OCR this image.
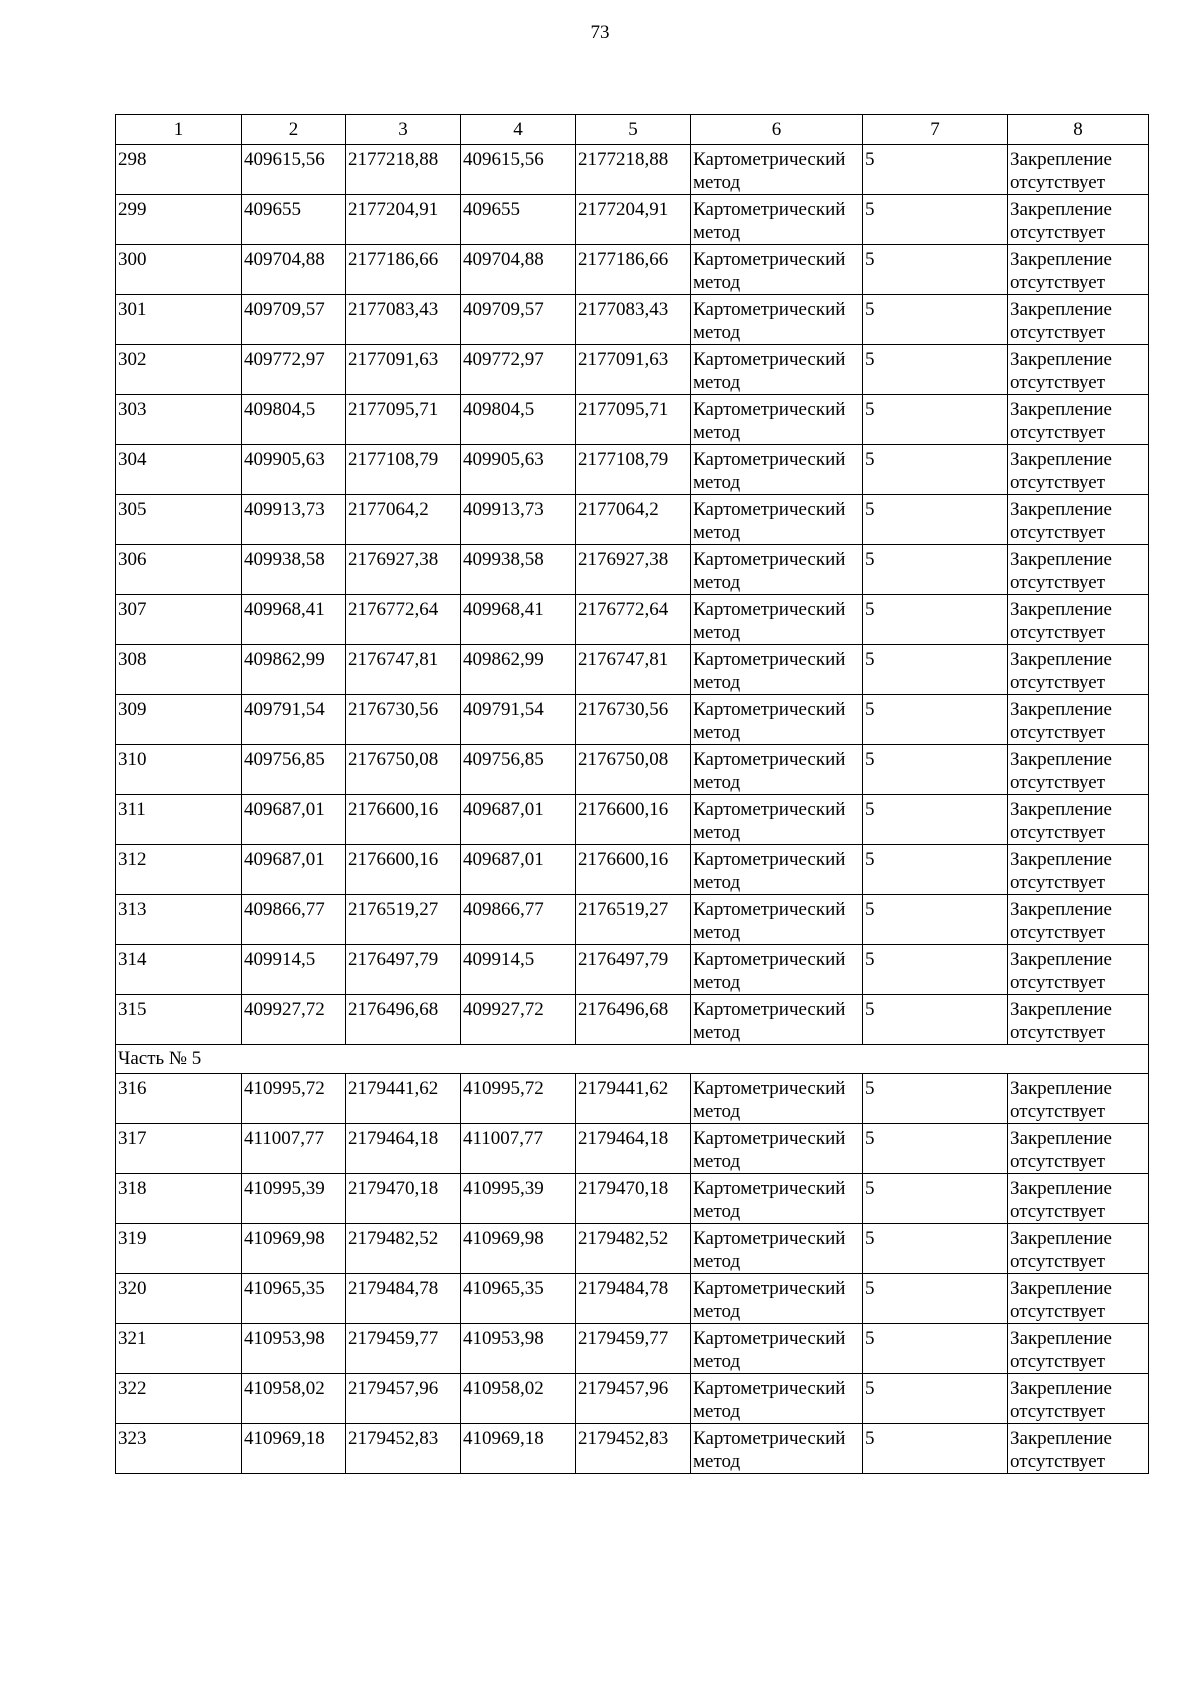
73
1	2	3	4	5	6	7	8
298	409615,56	2177218,88	409615,56	2177218,88	Картометрический метод	5	Закрепление отсутствует
299	409655	2177204,91	409655	2177204,91	Картометрический метод	5	Закрепление отсутствует
300	409704,88	2177186,66	409704,88	2177186,66	Картометрический метод	5	Закрепление отсутствует
301	409709,57	2177083,43	409709,57	2177083,43	Картометрический метод	5	Закрепление отсутствует
302	409772,97	2177091,63	409772,97	2177091,63	Картометрический метод	5	Закрепление отсутствует
303	409804,5	2177095,71	409804,5	2177095,71	Картометрический метод	5	Закрепление отсутствует
304	409905,63	2177108,79	409905,63	2177108,79	Картометрический метод	5	Закрепление отсутствует
305	409913,73	2177064,2	409913,73	2177064,2	Картометрический метод	5	Закрепление отсутствует
306	409938,58	2176927,38	409938,58	2176927,38	Картометрический метод	5	Закрепление отсутствует
307	409968,41	2176772,64	409968,41	2176772,64	Картометрический метод	5	Закрепление отсутствует
308	409862,99	2176747,81	409862,99	2176747,81	Картометрический метод	5	Закрепление отсутствует
309	409791,54	2176730,56	409791,54	2176730,56	Картометрический метод	5	Закрепление отсутствует
310	409756,85	2176750,08	409756,85	2176750,08	Картометрический метод	5	Закрепление отсутствует
311	409687,01	2176600,16	409687,01	2176600,16	Картометрический метод	5	Закрепление отсутствует
312	409687,01	2176600,16	409687,01	2176600,16	Картометрический метод	5	Закрепление отсутствует
313	409866,77	2176519,27	409866,77	2176519,27	Картометрический метод	5	Закрепление отсутствует
314	409914,5	2176497,79	409914,5	2176497,79	Картометрический метод	5	Закрепление отсутствует
315	409927,72	2176496,68	409927,72	2176496,68	Картометрический метод	5	Закрепление отсутствует
Часть № 5							
316	410995,72	2179441,62	410995,72	2179441,62	Картометрический метод	5	Закрепление отсутствует
317	411007,77	2179464,18	411007,77	2179464,18	Картометрический метод	5	Закрепление отсутствует
318	410995,39	2179470,18	410995,39	2179470,18	Картометрический метод	5	Закрепление отсутствует
319	410969,98	2179482,52	410969,98	2179482,52	Картометрический метод	5	Закрепление отсутствует
320	410965,35	2179484,78	410965,35	2179484,78	Картометрический метод	5	Закрепление отсутствует
321	410953,98	2179459,77	410953,98	2179459,77	Картометрический метод	5	Закрепление отсутствует
322	410958,02	2179457,96	410958,02	2179457,96	Картометрический метод	5	Закрепление отсутствует
323	410969,18	2179452,83	410969,18	2179452,83	Картометрический метод	5	Закрепление отсутствует
